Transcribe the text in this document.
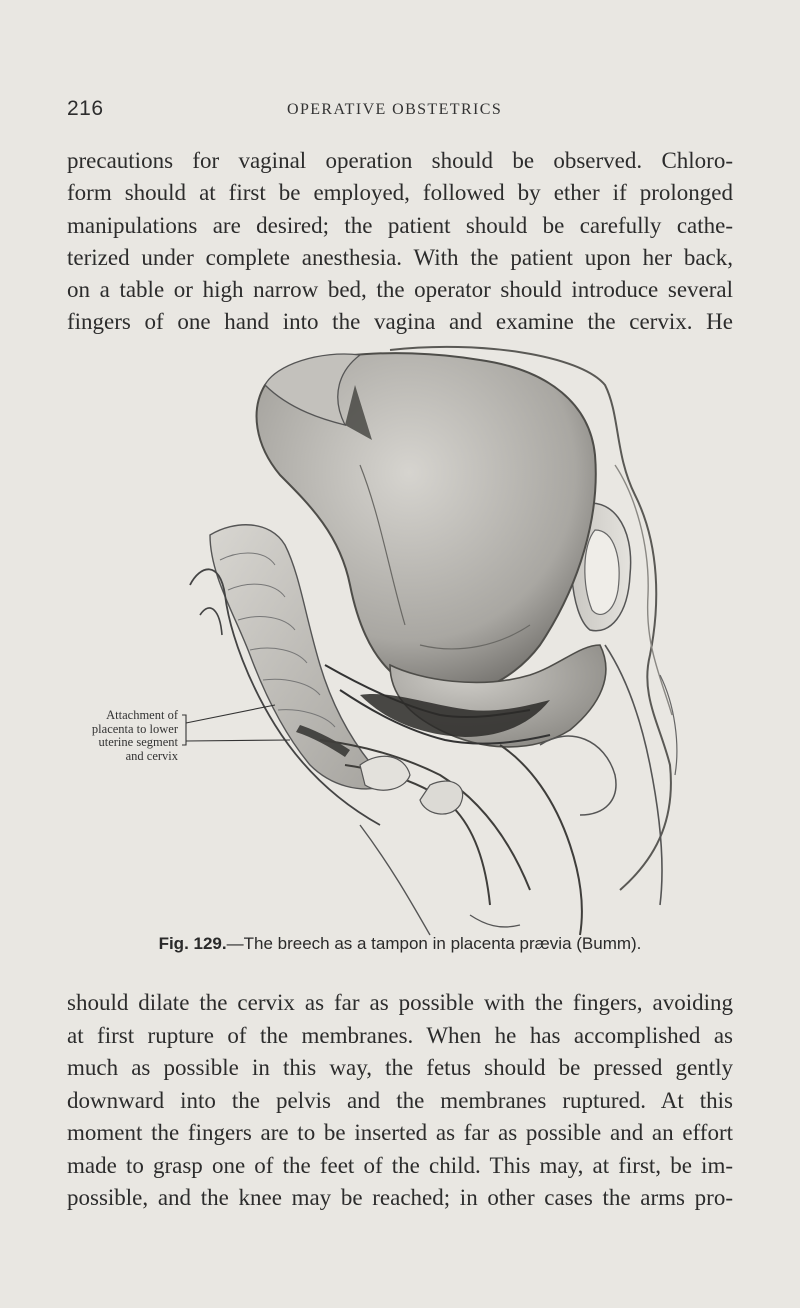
216	OPERATIVE OBSTETRICS
precautions for vaginal operation should be observed. Chloro-
form should at first be employed, followed by ether if prolonged
manipulations are desired; the patient should be carefully cathe-
terized under complete anesthesia. With the patient upon her back,
on a table or high narrow bed, the operator should introduce several
fingers of one hand into the vagina and examine the cervix. He
Attachment of
placenta to lower
uterine segment
and cervix
Fig. 129.—The breech as a tampon in placenta prævia (Bumm).
should dilate the cervix as far as possible with the fingers, avoiding
at first rupture of the membranes. When he has accomplished as
much as possible in this way, the fetus should be pressed gently
downward into the pelvis and the membranes ruptured. At this
moment the fingers are to be inserted as far as possible and an effort
made to grasp one of the feet of the child. This may, at first, be im-
possible, and the knee may be reached; in other cases the arms pro-
